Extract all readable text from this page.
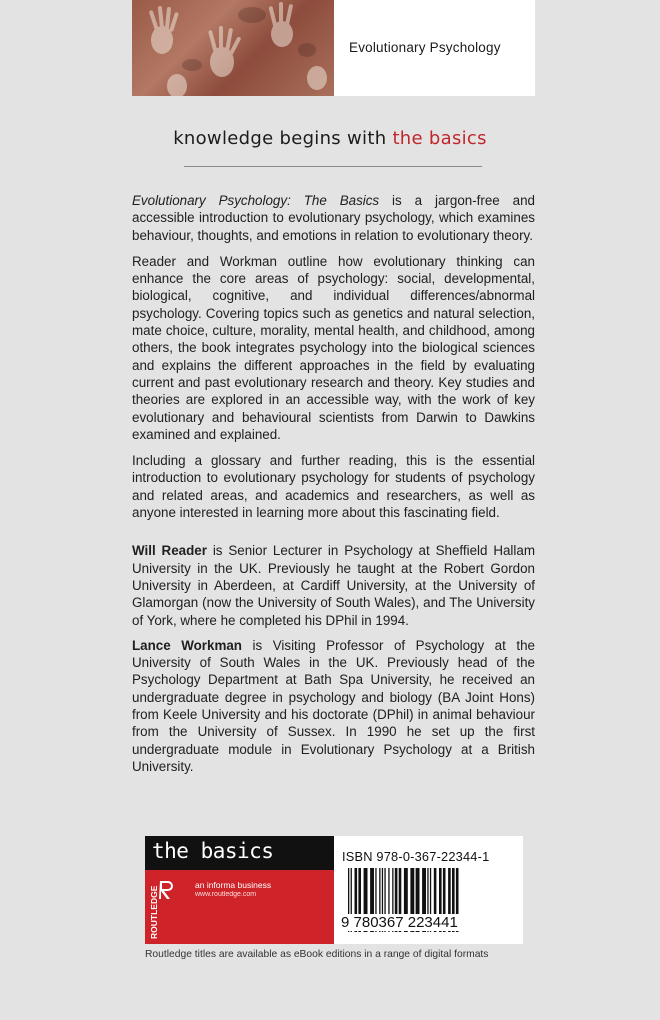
Evolutionary Psychology
knowledge begins with the basics

Evolutionary Psychology: The Basics is a jargon-free and accessible introduction to evolutionary psychology, which examines behaviour, thoughts, and emotions in relation to evolutionary theory.

Reader and Workman outline how evolutionary thinking can enhance the core areas of psychology: social, developmental, biological, cognitive, and individual differences/abnormal psychology. Covering topics such as genetics and natural selection, mate choice, culture, morality, mental health, and childhood, among others, the book integrates psychology into the biological sciences and explains the different approaches in the field by evaluating current and past evolutionary research and theory. Key studies and theories are explored in an accessible way, with the work of key evolutionary and behavioural scientists from Darwin to Dawkins examined and explained.

Including a glossary and further reading, this is the essential introduction to evolutionary psychology for students of psychology and related areas, and academics and researchers, as well as anyone interested in learning more about this fascinating field.

Will Reader is Senior Lecturer in Psychology at Sheffield Hallam University in the UK. Previously he taught at the Robert Gordon University in Aberdeen, at Cardiff University, at the University of Glamorgan (now the University of South Wales), and The University of York, where he completed his DPhil in 1994.

Lance Workman is Visiting Professor of Psychology at the University of South Wales in the UK. Previously head of the Psychology Department at Bath Spa University, he received an undergraduate degree in psychology and biology (BA Joint Hons) from Keele University and his doctorate (DPhil) in animal behaviour from the University of Sussex. In 1990 he set up the first undergraduate module in Evolutionary Psychology at a British University.

the basics
ROUTLEDGE
an informa business
www.routledge.com
ISBN 978-0-367-22344-1
9 780367 223441
Routledge titles are available as eBook editions in a range of digital formats
